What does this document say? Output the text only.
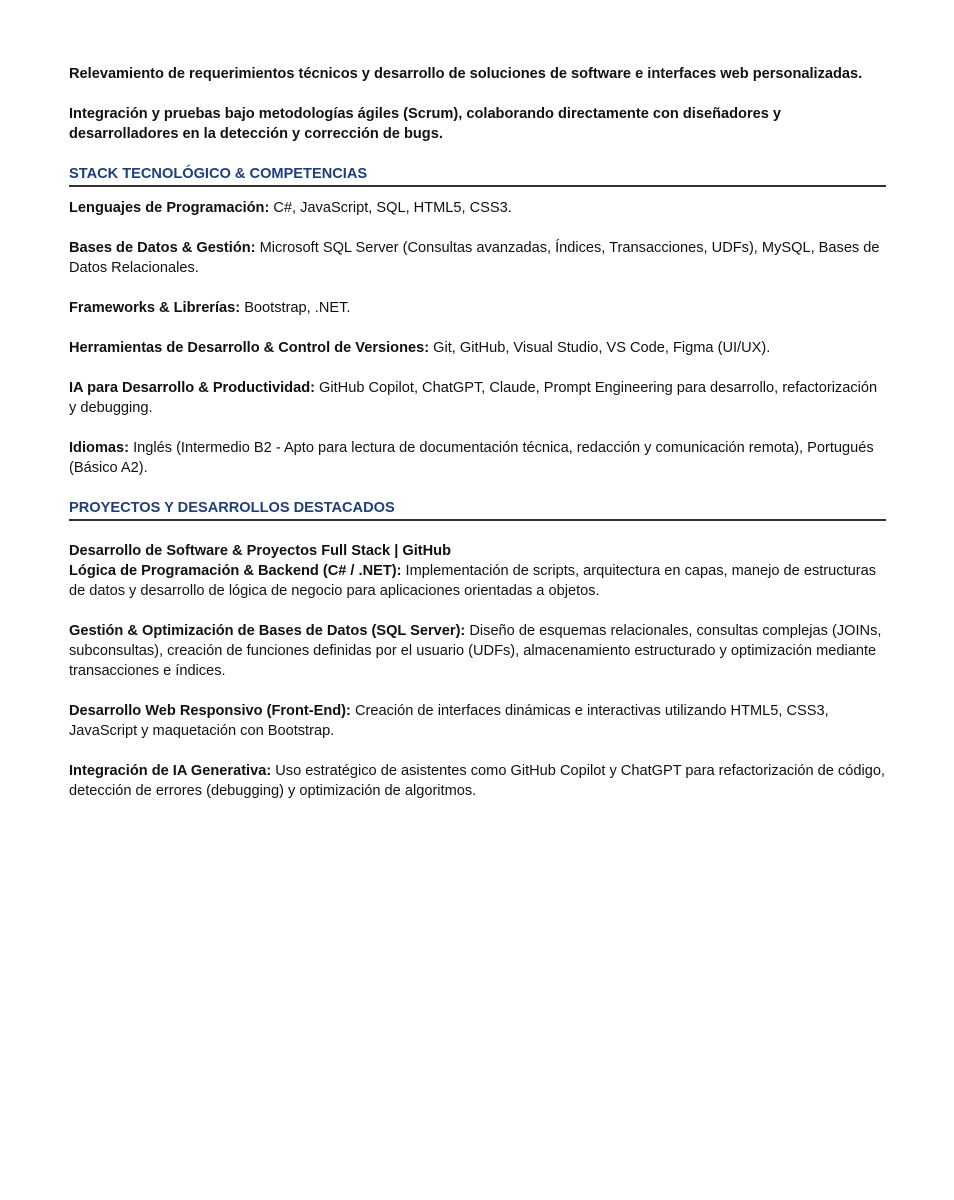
Relevamiento de requerimientos técnicos y desarrollo de soluciones de software e interfaces web personalizadas.

Integración y pruebas bajo metodologías ágiles (Scrum), colaborando directamente con diseñadores y desarrolladores en la detección y corrección de bugs.

STACK TECNOLÓGICO & COMPETENCIAS

Lenguajes de Programación: C#, JavaScript, SQL, HTML5, CSS3.

Bases de Datos & Gestión: Microsoft SQL Server (Consultas avanzadas, Índices, Transacciones, UDFs), MySQL, Bases de Datos Relacionales.

Frameworks & Librerías: Bootstrap, .NET.

Herramientas de Desarrollo & Control de Versiones: Git, GitHub, Visual Studio, VS Code, Figma (UI/UX).

IA para Desarrollo & Productividad: GitHub Copilot, ChatGPT, Claude, Prompt Engineering para desarrollo, refactorización y debugging.

Idiomas: Inglés (Intermedio B2 - Apto para lectura de documentación técnica, redacción y comunicación remota), Portugués (Básico A2).

PROYECTOS Y DESARROLLOS DESTACADOS

Desarrollo de Software & Proyectos Full Stack | GitHub

Lógica de Programación & Backend (C# / .NET): Implementación de scripts, arquitectura en capas, manejo de estructuras de datos y desarrollo de lógica de negocio para aplicaciones orientadas a objetos.

Gestión & Optimización de Bases de Datos (SQL Server): Diseño de esquemas relacionales, consultas complejas (JOINs, subconsultas), creación de funciones definidas por el usuario (UDFs), almacenamiento estructurado y optimización mediante transacciones e índices.

Desarrollo Web Responsivo (Front-End): Creación de interfaces dinámicas e interactivas utilizando HTML5, CSS3, JavaScript y maquetación con Bootstrap.

Integración de IA Generativa: Uso estratégico de asistentes como GitHub Copilot y ChatGPT para refactorización de código, detección de errores (debugging) y optimización de algoritmos.
